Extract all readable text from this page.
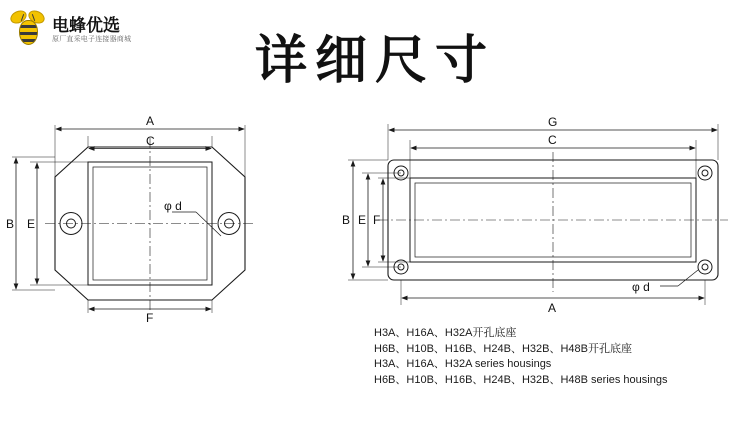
电蜂优选
原厂直采电子连接器商城	详细尺寸
A
C
B E
F
φ d
G
C
A
B E F
φ d
H3A、H16A、H32A开孔底座
H6B、H10B、H16B、H24B、H32B、H48B开孔底座
H3A、H16A、H32A series housings
H6B、H10B、H16B、H24B、H32B、H48B series housings
